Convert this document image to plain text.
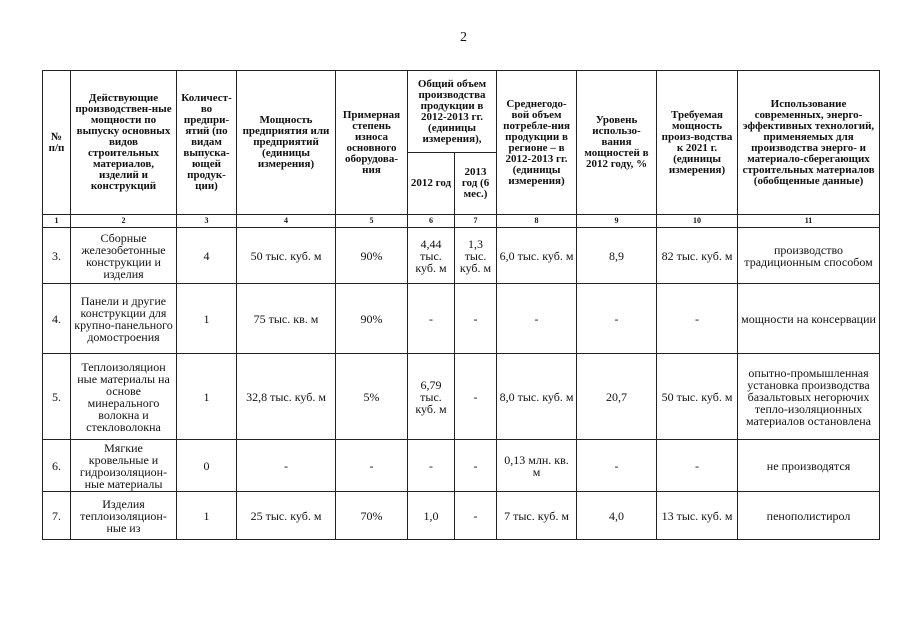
2
№ п/п	Действующие производствен-ные мощности по выпуску основных видов строительных материалов, изделий и конструкций	Количест-во предпри-ятий (по видам выпуска-ющей продук-ции)	Мощность предприятия или предприятий (единицы измерения)	Примерная степень износа основного оборудова-ния	Общий объем производства продукции в 2012-2013 гг. (единицы измерения),		Среднегодо-вой объем потребле-ния продукции в регионе – в 2012-2013 гг. (единицы измерения)	Уровень использо-вания мощностей в 2012 году, %	Требуемая мощность произ-водства к 2021 г. (единицы измерения)	Использование современных, энерго-эффективных технологий, применяемых для производства энерго- и материало-сберегающих строительных материалов (обобщенные данные)
					2012 год	2013 год (6 мес.)				
1	2	3	4	5	6	7	8	9	10	11
3.	Сборные железобетонные конструкции и изделия	4	50 тыс. куб. м	90%	4,44 тыс. куб. м	1,3 тыс. куб. м	6,0 тыс. куб. м	8,9	82 тыс. куб. м	производство традиционным способом
4.	Панели и другие конструкции для крупно-панельного домостроения	1	75 тыс. кв. м	90%	-	-	-	-	-	мощности на консервации
5.	Теплоизоляцион ные материалы на основе минерального волокна и стекловолокна	1	32,8 тыс. куб. м	5%	6,79 тыс. куб. м	-	8,0 тыс. куб. м	20,7	50 тыс. куб. м	опытно-промышленная установка производства базальтовых негорючих тепло-изоляционных материалов остановлена
6.	Мягкие кровельные и гидроизоляцион-ные материалы	0	-	-	-	-	0,13 млн. кв. м	-	-	не производятся
7.	Изделия теплоизоляцион-ные из	1	25 тыс. куб. м	70%	1,0	-	7 тыс. куб. м	4,0	13 тыс. куб. м	пенополистирол
